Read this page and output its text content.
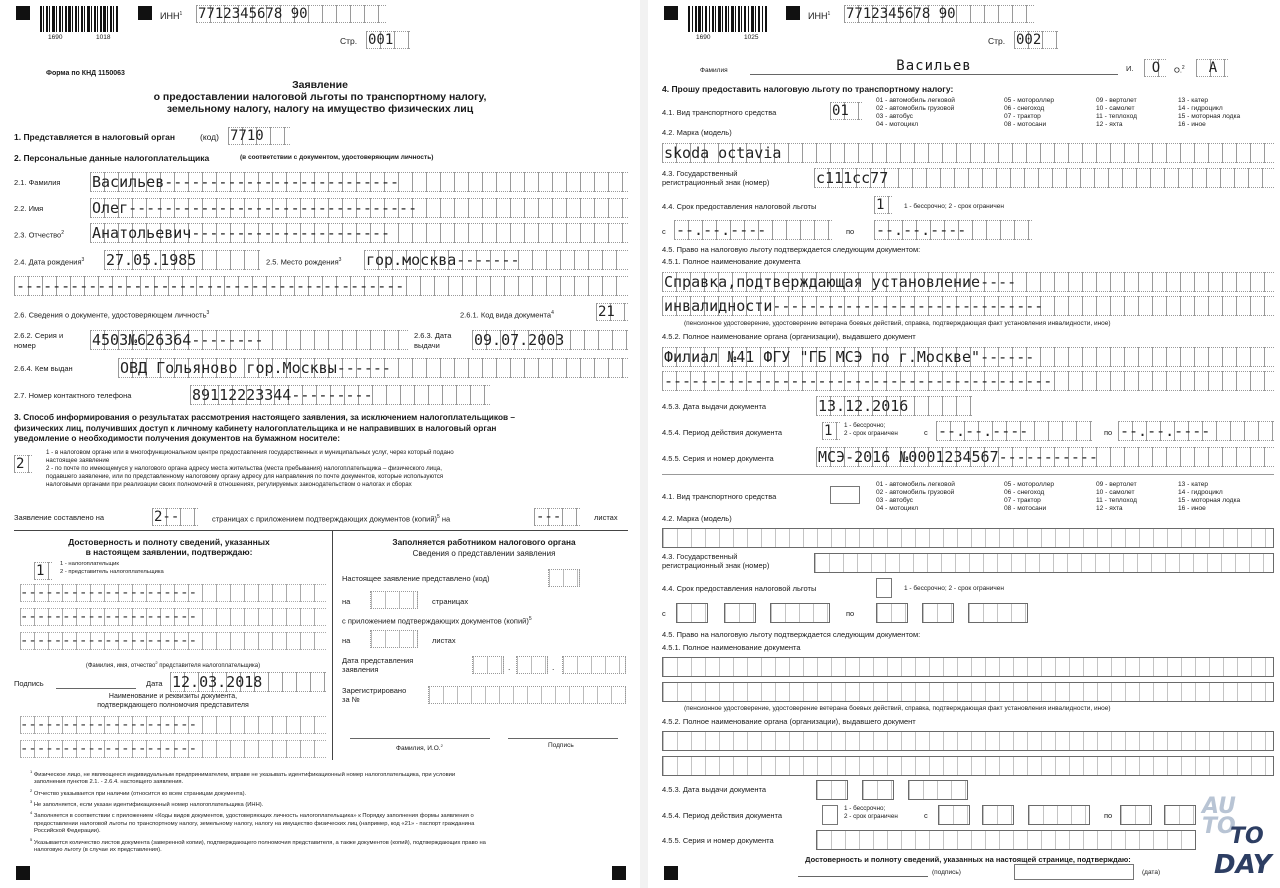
1690	1018
ИНН$^1$ 7712345678 90
Стр. 001
Форма по КНД 1150063
Заявление
о предоставлении налоговой льготы по транспортному налогу,
земельному налогу, налогу на имущество физических лиц
1. Представляется в налоговый орган	(код) 7710
2. Персональные данные налогоплательщика	(в соответствии с документом, удостоверяющим личность)
2.1. Фамилия Васильев--------------------------
2.2. Имя	Олег--------------------------------
2.3. Отчество$^2$ Анатольевич----------------------
2.4. Дата рождения$^3$ 27.05.1985	2.5. Место рождения$^3$ гор.москва-------
-------------------------------------------
2.6. Сведения о документе, удостоверяющем личность$^3$	2.6.1. Код вида документа$^4$	21
2.6.2. Серия и
номер	4503№626364--------	2.6.3. Дата
выдачи	09.07.2003
2.6.4. Кем выдан	ОВД Гольяново гор.Москвы------
2.7. Номер контактного телефона	89112223344---------
3. Способ информирования о результатах рассмотрения настоящего заявления, за исключением налогоплательщиков –
физических лиц, получивших доступ к личному кабинету налогоплательщика и не направивших в налоговый орган
уведомление о необходимости получения документов на бумажном носителе:
2
1 - в налоговом органе или в многофункциональном центре предоставления государственных и муниципальных услуг, через который подано
настоящее заявление
2 - по почте по имеющемуся у налогового органа адресу места жительства (места пребывания) налогоплательщика – физического лица,
подавшего заявление, или по представленному налоговому органу адресу для направления по почте документов, которые используются
налоговыми органами при реализации своих полномочий в отношениях, регулируемых законодательством о налогах и сборах
Заявление составлено на	2--	страницах с приложением подтверждающих документов (копий)$^5$ на	---	листах
Достоверность и полноту сведений, указанных
в настоящем заявлении, подтверждаю:
1	1 - налогоплательщик
2 - представитель налогоплательщика
---------------------
---------------------
---------------------
(Фамилия, имя, отчество$^2$ представителя налогоплательщика)
Подпись	Дата 12.03.2018
Наименование и реквизиты документа,
подтверждающего полномочия представителя
---------------------
---------------------
Заполняется работником налогового органа
Сведения о представлении заявления
Настоящее заявление представлено (код)
на	страницах
с приложением подтверждающих документов (копий)$^5$
на	листах
Дата представления
заявления	.	.
Зарегистрировано
за №
Фамилия, И.О.$^2$	Подпись
$^1$ Физическое лицо, не являющееся индивидуальным предпринимателем, вправе не указывать идентификационный номер налогоплательщика, при условии
заполнения пунктов 2.1. - 2.6.4. настоящего заявления.
$^2$ Отчество указывается при наличии (относится ко всем страницам документа).
$^3$ Не заполняется, если указан идентификационный номер налогоплательщика (ИНН).
$^4$ Заполняется в соответствии с приложением «Коды видов документов, удостоверяющих личность налогоплательщика» к Порядку заполнения формы заявления о
предоставлении налоговой льготы по транспортному налогу, земельному налогу, налогу на имущество физических лиц (например, код «21» - паспорт гражданина
Российской Федерации).
$^5$ Указывается количество листов документа (заверенной копии), подтверждающего полномочия представителя, а также документов (копий), подтверждающих право на
налоговую льготу (в случае их представления).
1690	1025
ИНН$^1$ 7712345678 90
Стр. 002
Фамилия	Васильев	И.	О	О.$^2$	А
4. Прошу предоставить налоговую льготу по транспортному налогу:
4.1. Вид транспортного средства	01
01 - автомобиль легковой
02 - автомобиль грузовой
03 - автобус
04 - мотоцикл
05 - мотороллер
06 - снегоход
07 - трактор
08 - мотосани
09 - вертолет
10 - самолет
11 - теплоход
12 - яхта
13 - катер
14 - гидроцикл
15 - моторная лодка
16 - иное
4.2. Марка (модель)
skoda octavia
4.3. Государственный
регистрационный знак (номер)	с111сс77
4.4. Срок предоставления налоговой льготы	1	1 - бессрочно; 2 - срок ограничен
с --.--.----	по --.--.----
4.5. Право на налоговую льготу подтверждается следующим документом:
4.5.1. Полное наименование документа
Справка,подтверждающая установление----
инвалидности------------------------------
(пенсионное удостоверение, удостоверение ветерана боевых действий, справка, подтверждающая факт установления инвалидности, иное)
4.5.2. Полное наименование органа (организации), выдавшего документ
Филиал №41 ФГУ "ГБ МСЭ по г.Москве"------
-------------------------------------------
4.5.3. Дата выдачи документа	13.12.2016
4.5.4. Период действия документа	1	1 - бессрочно;
2 - срок ограничен	с --.--.----	по --.--.----
4.5.5. Серия и номер документа	МСЭ-2016 №0001234567-----------
4.1. Вид транспортного средства
01 - автомобиль легковой
02 - автомобиль грузовой
03 - автобус
04 - мотоцикл
05 - мотороллер
06 - снегоход
07 - трактор
08 - мотосани
09 - вертолет
10 - самолет
11 - теплоход
12 - яхта
13 - катер
14 - гидроцикл
15 - моторная лодка
16 - иное
4.2. Марка (модель)
4.3. Государственный
регистрационный знак (номер)
4.4. Срок предоставления налоговой льготы	1 - бессрочно; 2 - срок ограничен
с	по
4.5. Право на налоговую льготу подтверждается следующим документом:
4.5.1. Полное наименование документа
(пенсионное удостоверение, удостоверение ветерана боевых действий, справка, подтверждающая факт установления инвалидности, иное)
4.5.2. Полное наименование органа (организации), выдавшего документ
4.5.3. Дата выдачи документа
4.5.4. Период действия документа
1 - бессрочно;
2 - срок ограничен	с	по
4.5.5. Серия и номер документа
Достоверность и полноту сведений, указанных на настоящей странице, подтверждаю:
(подпись)	(дата)
AU
TO
TO
DAY
